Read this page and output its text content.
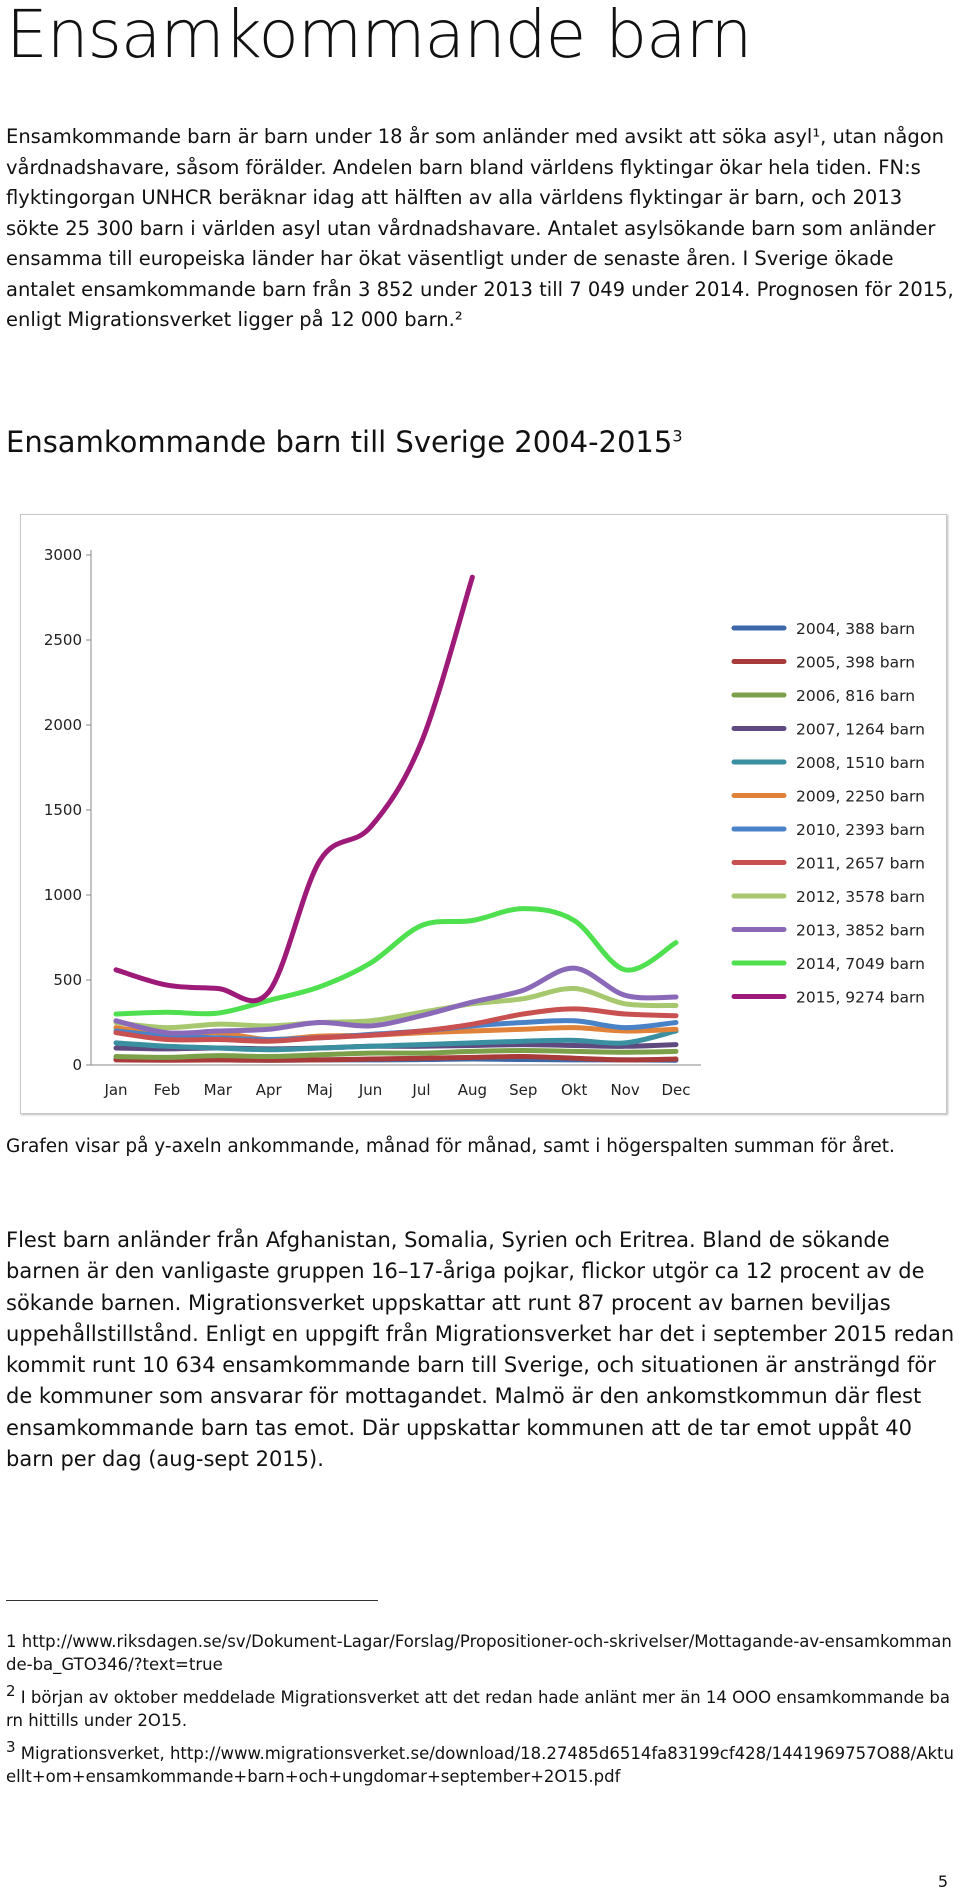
Ensamkommande barn

Ensamkommande barn är barn under 18 år som anländer med avsikt att söka asyl¹, utan någon vårdnadshavare, såsom förälder. Andelen barn bland världens flyktingar ökar hela tiden. FN:s flyktingorgan UNHCR beräknar idag att hälften av alla världens flyktingar är barn, och 2013 sökte 25 300 barn i världen asyl utan vårdnadshavare. Antalet asylsökande barn som anländer ensamma till europeiska länder har ökat väsentligt under de senaste åren. I Sverige ökade antalet ensamkommande barn från 3 852 under 2013 till 7 049 under 2014. Prognosen för 2015, enligt Migrationsverket ligger på 12 000 barn.²

Ensamkommande barn till Sverige 2004-2015$^3$
0
500
1000
1500
2000
2500
3000
Jan Feb Mar Apr Maj Jun Jul Aug Sep Okt Nov Dec
2004, 388 barn
2005, 398 barn
2006, 816 barn
2007, 1264 barn
2008, 1510 barn
2009, 2250 barn
2010, 2393 barn
2011, 2657 barn
2012, 3578 barn
2013, 3852 barn
2014, 7049 barn
2015, 9274 barn

Grafen visar på y-axeln ankommande, månad för månad, samt i högerspalten summan för året.

Flest barn anländer från Afghanistan, Somalia, Syrien och Eritrea. Bland de sökande barnen är den vanligaste gruppen 16–17-åriga pojkar, flickor utgör ca 12 procent av de sökande barnen. Migrationsverket uppskattar att runt 87 procent av barnen beviljas uppehållstillstånd. Enligt en uppgift från Migrationsverket har det i september 2015 redan kommit runt 10 634 ensamkommande barn till Sverige, och situationen är ansträngd för de kommuner som ansvarar för mottagandet. Malmö är den ankomstkommun där flest ensamkommande barn tas emot. Där uppskattar kommunen att de tar emot uppåt 40 barn per dag (aug-sept 2015).

1 http://www.riksdagen.se/sv/Dokument-Lagar/Forslag/Propositioner-och-skrivelser/Mottagande-av-ensamkommande-ba_GTO346/?text=true

2 I början av oktober meddelade Migrationsverket att det redan hade anlänt mer än 14 OOO ensamkommande barn hittills under 2O15.

3 Migrationsverket, http://www.migrationsverket.se/download/18.27485d6514fa83199cf428/1441969757O88/Aktuellt+om+ensamkommande+barn+och+ungdomar+september+2O15.pdf

5
